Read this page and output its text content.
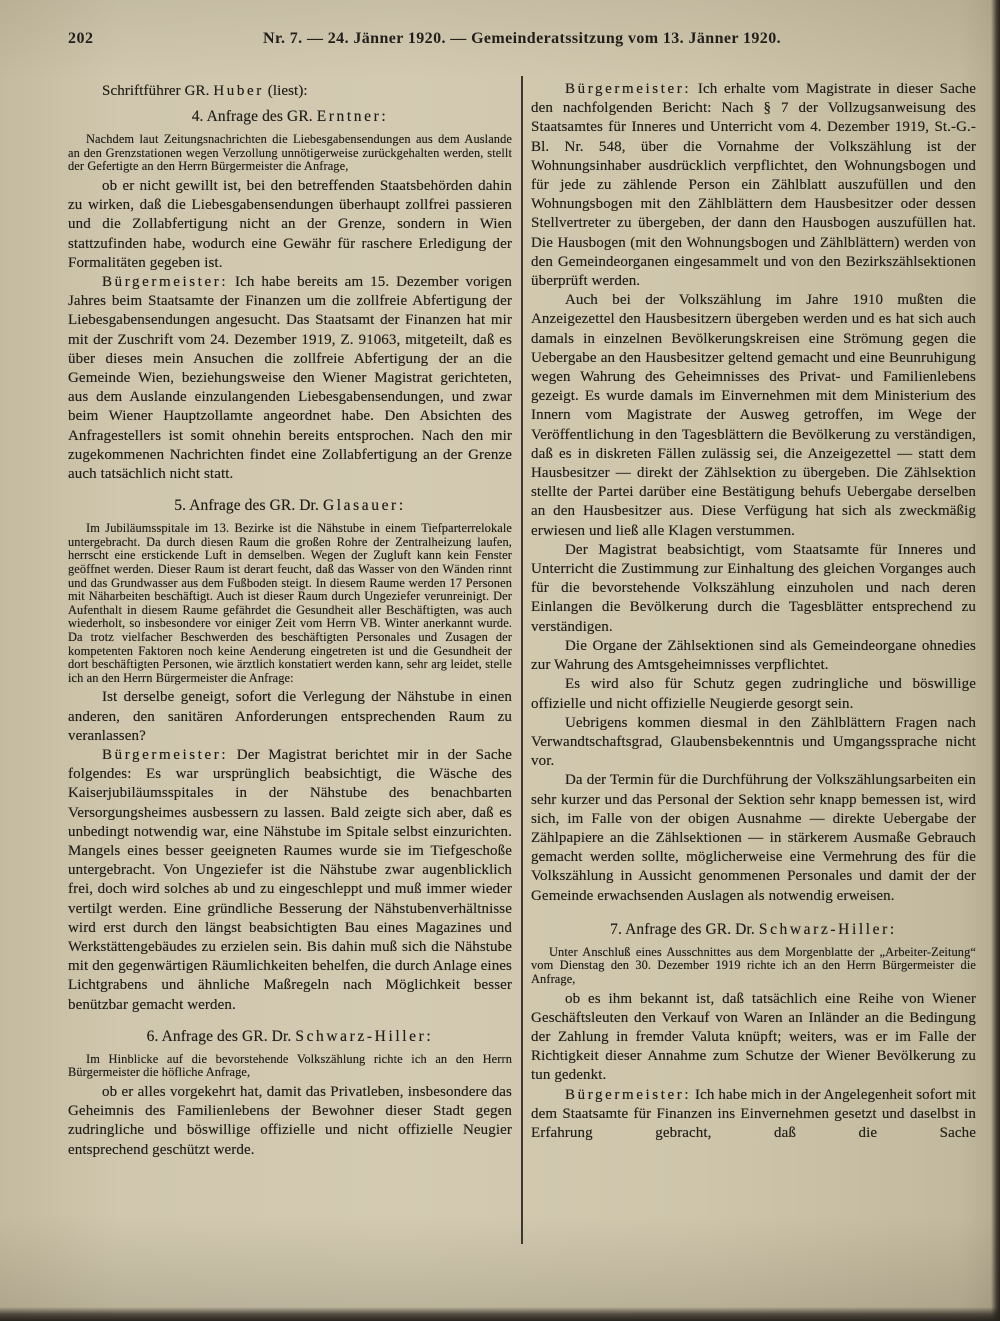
202	Nr. 7. — 24. Jänner 1920. — Gemeinderatssitzung vom 13. Jänner 1920.

Schriftführer GR. Huber (liest):

4. Anfrage des GR. Erntner:

Nachdem laut Zeitungsnachrichten die Liebesgabensendungen aus dem Auslande an den Grenzstationen wegen Verzollung unnötigerweise zurückgehalten werden, stellt der Gefertigte an den Herrn Bürgermeister die Anfrage,

ob er nicht gewillt ist, bei den betreffenden Staatsbehörden dahin zu wirken, daß die Liebesgabensendungen überhaupt zollfrei passieren und die Zollabfertigung nicht an der Grenze, sondern in Wien stattzufinden habe, wodurch eine Gewähr für raschere Erledigung der Formalitäten gegeben ist.

Bürgermeister: Ich habe bereits am 15. Dezember vorigen Jahres beim Staatsamte der Finanzen um die zollfreie Abfertigung der Liebesgabensendungen angesucht. Das Staatsamt der Finanzen hat mir mit der Zuschrift vom 24. Dezember 1919, Z. 91063, mitgeteilt, daß es über dieses mein Ansuchen die zollfreie Abfertigung der an die Gemeinde Wien, beziehungsweise den Wiener Magistrat gerichteten, aus dem Auslande einzulangenden Liebesgabensendungen, und zwar beim Wiener Hauptzollamte angeordnet habe. Den Absichten des Anfragestellers ist somit ohnehin bereits entsprochen. Nach den mir zugekommenen Nachrichten findet eine Zollabfertigung an der Grenze auch tatsächlich nicht statt.

5. Anfrage des GR. Dr. Glasauer:

Im Jubiläumsspitale im 13. Bezirke ist die Nähstube in einem Tiefparterrelokale untergebracht. Da durch diesen Raum die großen Rohre der Zentralheizung laufen, herrscht eine erstickende Luft in demselben. Wegen der Zugluft kann kein Fenster geöffnet werden. Dieser Raum ist derart feucht, daß das Wasser von den Wänden rinnt und das Grundwasser aus dem Fußboden steigt. In diesem Raume werden 17 Personen mit Näharbeiten beschäftigt. Auch ist dieser Raum durch Ungeziefer verunreinigt. Der Aufenthalt in diesem Raume gefährdet die Gesundheit aller Beschäftigten, was auch wiederholt, so insbesondere vor einiger Zeit vom Herrn VB. Winter anerkannt wurde. Da trotz vielfacher Beschwerden des beschäftigten Personales und Zusagen der kompetenten Faktoren noch keine Aenderung eingetreten ist und die Gesundheit der dort beschäftigten Personen, wie ärztlich konstatiert werden kann, sehr arg leidet, stelle ich an den Herrn Bürgermeister die Anfrage:

Ist derselbe geneigt, sofort die Verlegung der Nähstube in einen anderen, den sanitären Anforderungen entsprechenden Raum zu veranlassen?

Bürgermeister: Der Magistrat berichtet mir in der Sache folgendes: Es war ursprünglich beabsichtigt, die Wäsche des Kaiserjubiläumsspitales in der Nähstube des benachbarten Versorgungsheimes ausbessern zu lassen. Bald zeigte sich aber, daß es unbedingt notwendig war, eine Nähstube im Spitale selbst einzurichten. Mangels eines besser geeigneten Raumes wurde sie im Tiefgeschoße untergebracht. Von Ungeziefer ist die Nähstube zwar augenblicklich frei, doch wird solches ab und zu eingeschleppt und muß immer wieder vertilgt werden. Eine gründliche Besserung der Nähstubenverhältnisse wird erst durch den längst beabsichtigten Bau eines Magazines und Werkstättengebäudes zu erzielen sein. Bis dahin muß sich die Nähstube mit den gegenwärtigen Räumlichkeiten behelfen, die durch Anlage eines Lichtgrabens und ähnliche Maßregeln nach Möglichkeit besser benützbar gemacht werden.

6. Anfrage des GR. Dr. Schwarz-Hiller:

Im Hinblicke auf die bevorstehende Volkszählung richte ich an den Herrn Bürgermeister die höfliche Anfrage,

ob er alles vorgekehrt hat, damit das Privatleben, insbesondere das Geheimnis des Familienlebens der Bewohner dieser Stadt gegen zudringliche und böswillige offizielle und nicht offizielle Neugier entsprechend geschützt werde.

Bürgermeister: Ich erhalte vom Magistrate in dieser Sache den nachfolgenden Bericht: Nach § 7 der Vollzugsanweisung des Staatsamtes für Inneres und Unterricht vom 4. Dezember 1919, St.-G.-Bl. Nr. 548, über die Vornahme der Volkszählung ist der Wohnungsinhaber ausdrücklich verpflichtet, den Wohnungsbogen und für jede zu zählende Person ein Zählblatt auszufüllen und den Wohnungsbogen mit den Zählblättern dem Hausbesitzer oder dessen Stellvertreter zu übergeben, der dann den Hausbogen auszufüllen hat. Die Hausbogen (mit den Wohnungsbogen und Zählblättern) werden von den Gemeindeorganen eingesammelt und von den Bezirkszählsektionen überprüft werden.

Auch bei der Volkszählung im Jahre 1910 mußten die Anzeigezettel den Hausbesitzern übergeben werden und es hat sich auch damals in einzelnen Bevölkerungskreisen eine Strömung gegen die Uebergabe an den Hausbesitzer geltend gemacht und eine Beunruhigung wegen Wahrung des Geheimnisses des Privat- und Familienlebens gezeigt. Es wurde damals im Einvernehmen mit dem Ministerium des Innern vom Magistrate der Ausweg getroffen, im Wege der Veröffentlichung in den Tagesblättern die Bevölkerung zu verständigen, daß es in diskreten Fällen zulässig sei, die Anzeigezettel — statt dem Hausbesitzer — direkt der Zählsektion zu übergeben. Die Zählsektion stellte der Partei darüber eine Bestätigung behufs Uebergabe derselben an den Hausbesitzer aus. Diese Verfügung hat sich als zweckmäßig erwiesen und ließ alle Klagen verstummen.

Der Magistrat beabsichtigt, vom Staatsamte für Inneres und Unterricht die Zustimmung zur Einhaltung des gleichen Vorganges auch für die bevorstehende Volkszählung einzuholen und nach deren Einlangen die Bevölkerung durch die Tagesblätter entsprechend zu verständigen.

Die Organe der Zählsektionen sind als Gemeindeorgane ohnedies zur Wahrung des Amtsgeheimnisses verpflichtet.

Es wird also für Schutz gegen zudringliche und böswillige offizielle und nicht offizielle Neugierde gesorgt sein.

Uebrigens kommen diesmal in den Zählblättern Fragen nach Verwandtschaftsgrad, Glaubensbekenntnis und Umgangssprache nicht vor.

Da der Termin für die Durchführung der Volkszählungsarbeiten ein sehr kurzer und das Personal der Sektion sehr knapp bemessen ist, wird sich, im Falle von der obigen Ausnahme — direkte Uebergabe der Zählpapiere an die Zählsektionen — in stärkerem Ausmaße Gebrauch gemacht werden sollte, möglicherweise eine Vermehrung des für die Volkszählung in Aussicht genommenen Personales und damit der der Gemeinde erwachsenden Auslagen als notwendig erweisen.

7. Anfrage des GR. Dr. Schwarz-Hiller:

Unter Anschluß eines Ausschnittes aus dem Morgenblatte der „Arbeiter-Zeitung“ vom Dienstag den 30. Dezember 1919 richte ich an den Herrn Bürgermeister die Anfrage,

ob es ihm bekannt ist, daß tatsächlich eine Reihe von Wiener Geschäftsleuten den Verkauf von Waren an Inländer an die Bedingung der Zahlung in fremder Valuta knüpft; weiters, was er im Falle der Richtigkeit dieser Annahme zum Schutze der Wiener Bevölkerung zu tun gedenkt.

Bürgermeister: Ich habe mich in der Angelegenheit sofort mit dem Staatsamte für Finanzen ins Einvernehmen gesetzt und daselbst in Erfahrung gebracht, daß die Sache
